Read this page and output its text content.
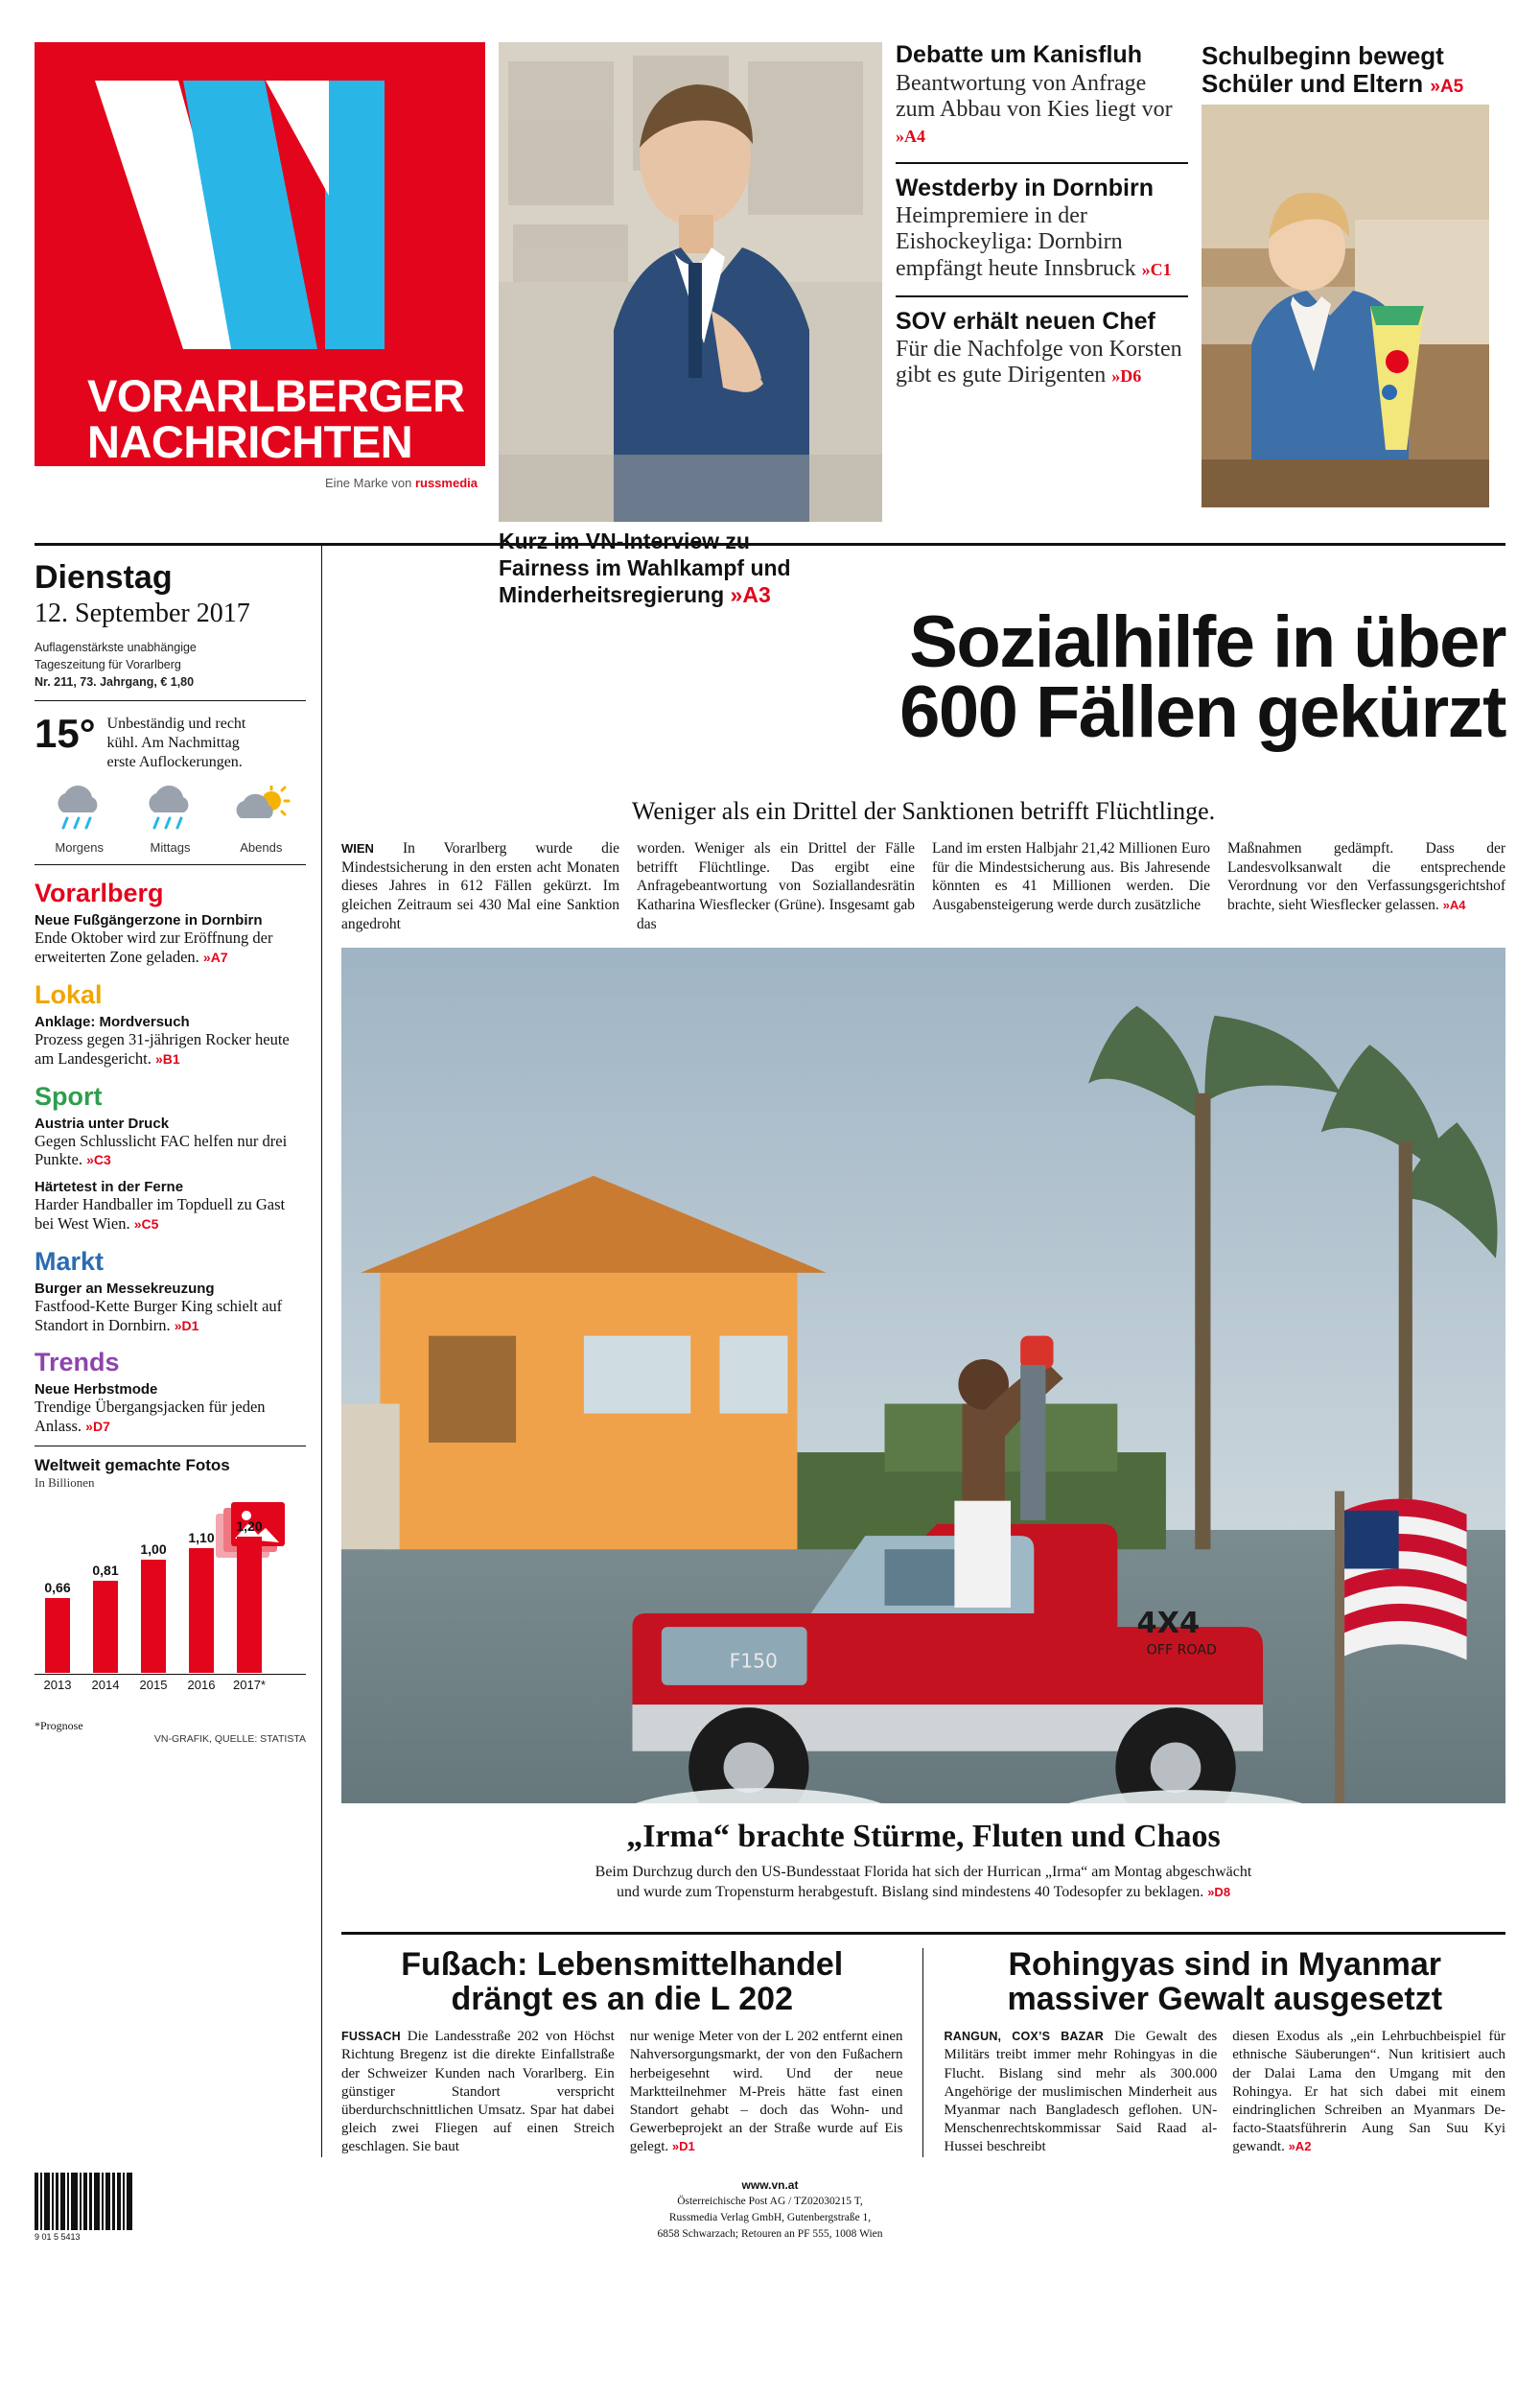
VORARLBERGER
NACHRICHTEN
Eine Marke von russmedia
Kurz im VN-Interview zu
Fairness im Wahlkampf und
Minderheitsregierung »A3
Debatte um Kanisfluh

Beantwortung von Anfrage zum Abbau von Kies liegt vor »A4

Westderby in Dornbirn

Heimpremiere in der Eishockeyliga: Dornbirn empfängt heute Innsbruck »C1

SOV erhält neuen Chef

Für die Nachfolge von Korsten gibt es gute Dirigenten »D6

Schulbeginn bewegt
Schüler und Eltern »A5
Dienstag
12. September 2017
Auflagenstärkste unabhängige
Tageszeitung für Vorarlberg
Nr. 211, 73. Jahrgang, € 1,80
15° Unbeständig und recht
kühl. Am Nachmittag
erste Auflockerungen.
Morgens	Mittags	Abends
Vorarlberg
Neue Fußgängerzone in Dornbirn
Ende Oktober wird zur Eröffnung der erweiterten Zone geladen. »A7
Lokal
Anklage: Mordversuch
Prozess gegen 31-jährigen Rocker heute am Landesgericht. »B1
Sport
Austria unter Druck
Gegen Schlusslicht FAC helfen nur drei Punkte. »C3
Härtetest in der Ferne
Harder Handballer im Topduell zu Gast bei West Wien. »C5
Markt
Burger an Messekreuzung
Fastfood-Kette Burger King schielt auf Standort in Dornbirn. »D1
Trends
Neue Herbstmode
Trendige Übergangsjacken für jeden Anlass. »D7
Weltweit gemachte Fotos
In Billionen
0,66
2013
0,81
2014
1,00
2015
1,10
2016
1,20
2017*
*Prognose
VN-GRAFIK, QUELLE: STATISTA
Sozialhilfe in über
600 Fällen gekürzt
Weniger als ein Drittel der Sanktionen betrifft Flüchtlinge.
WIEN In Vorarlberg wurde die Mindestsicherung in den ersten acht Monaten dieses Jahres in 612 Fällen gekürzt. Im gleichen Zeitraum sei 430 Mal eine Sanktion angedroht
worden. Weniger als ein Drittel der Fälle betrifft Flüchtlinge. Das ergibt eine Anfragebeantwortung von Soziallandesrätin Katharina Wiesflecker (Grüne). Insgesamt gab das
Land im ersten Halbjahr 21,42 Millionen Euro für die Mindestsicherung aus. Bis Jahresende könnten es 41 Millionen werden. Die Ausgabensteigerung werde durch zusätzliche
Maßnahmen gedämpft. Dass der Landesvolksanwalt die entsprechende Verordnung vor den Verfassungsgerichtshof brachte, sieht Wiesflecker gelassen. »A4
F150
4X4
OFF ROAD
„Irma“ brachte Stürme, Fluten und Chaos

Beim Durchzug durch den US-Bundesstaat Florida hat sich der Hurrican „Irma“ am Montag abgeschwächt
und wurde zum Tropensturm herabgestuft. Bislang sind mindestens 40 Todesopfer zu beklagen. »D8

Fußach: Lebensmittelhandel
drängt es an die L 202
FUSSACH Die Landesstraße 202 von Höchst Richtung Bregenz ist die direkte Einfallstraße der Schweizer Kunden nach Vorarlberg. Ein günstiger Standort verspricht überdurchschnittlichen Umsatz. Spar hat dabei gleich zwei Fliegen auf einen Streich geschlagen. Sie baut
nur wenige Meter von der L 202 entfernt einen Nahversorgungsmarkt, der von den Fußachern herbeigesehnt wird. Und der neue Marktteilnehmer M-Preis hätte fast einen Standort gehabt – doch das Wohn- und Gewerbeprojekt an der Straße wurde auf Eis gelegt. »D1
Rohingyas sind in Myanmar
massiver Gewalt ausgesetzt
RANGUN, COX’S BAZAR Die Gewalt des Militärs treibt immer mehr Rohingyas in die Flucht. Bislang sind mehr als 300.000 Angehörige der muslimischen Minderheit aus Myanmar nach Bangladesch geflohen. UN-Menschenrechtskommissar Said Raad al-Hussei beschreibt
diesen Exodus als „ein Lehrbuchbeispiel für ethnische Säuberungen“. Nun kritisiert auch der Dalai Lama den Umgang mit den Rohingya. Er hat sich dabei mit einem eindringlichen Schreiben an Myanmars De-facto-Staatsführerin Aung San Suu Kyi gewandt. »A2
9 01 5 5413
www.vn.at
Österreichische Post AG / TZ02030215 T,
Russmedia Verlag GmbH, Gutenbergstraße 1,
6858 Schwarzach; Retouren an PF 555, 1008 Wien
